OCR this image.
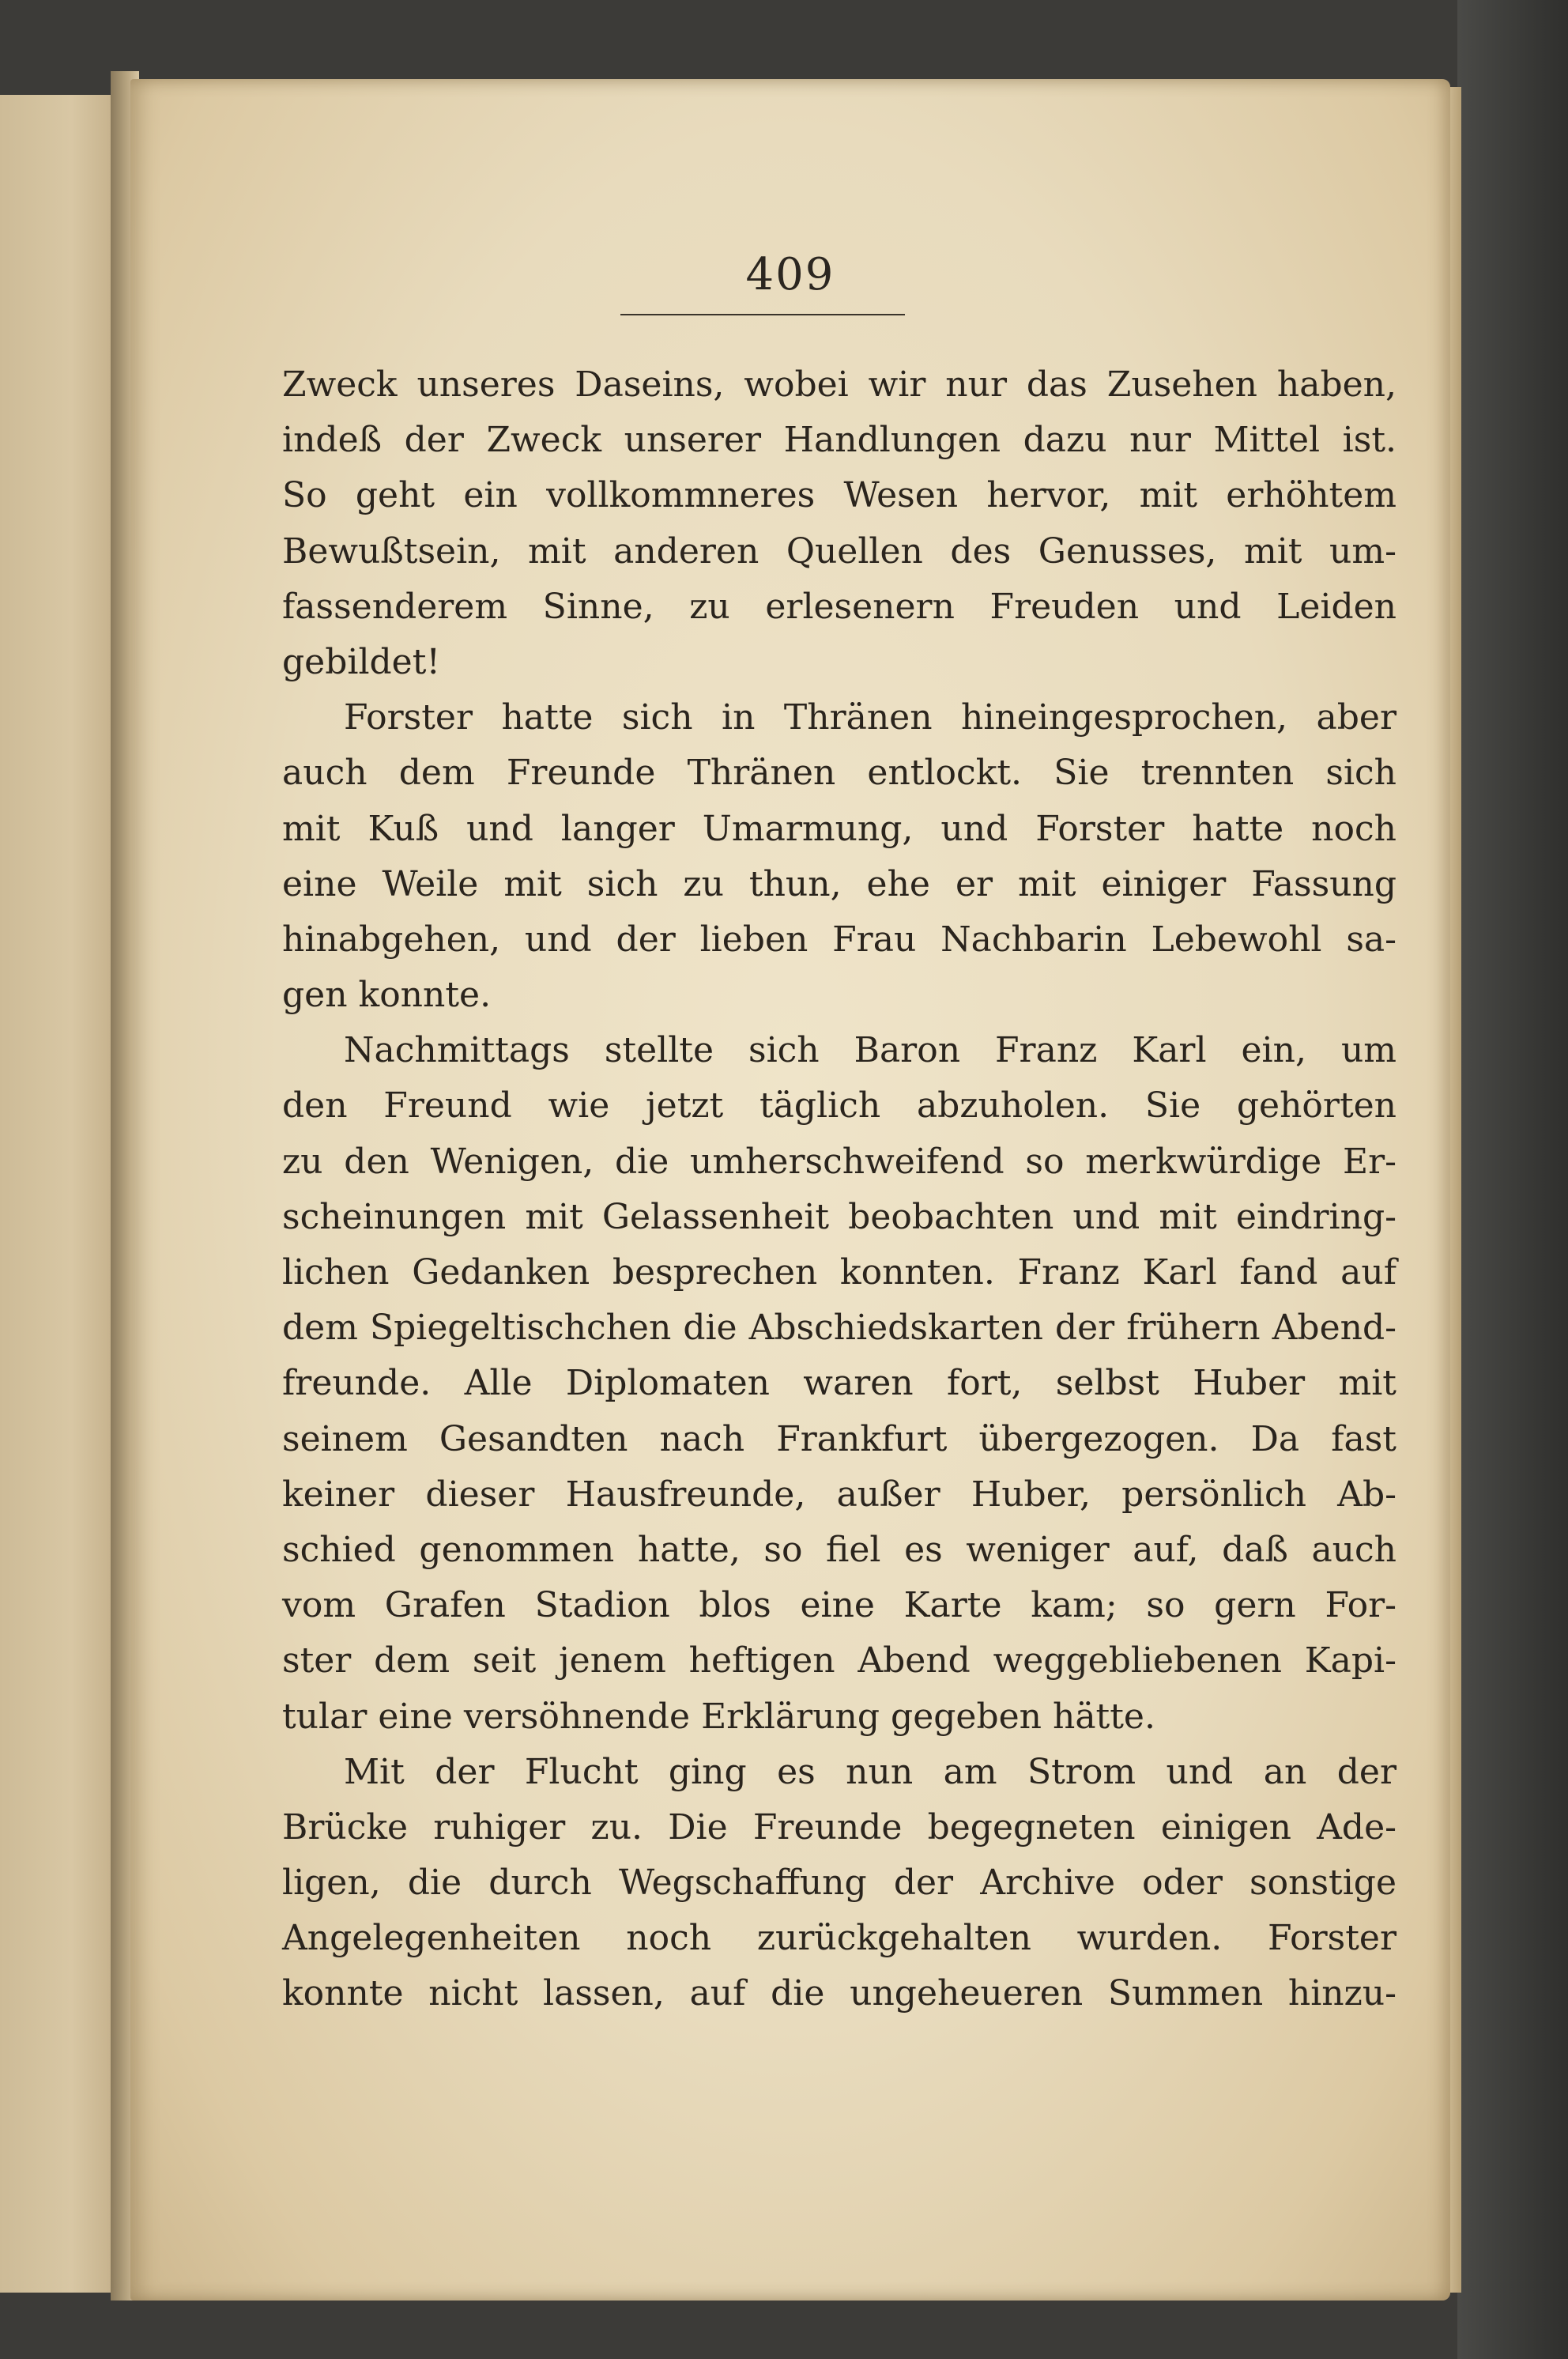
409
Zweck unseres Daseins, wobei wir nur das Zusehen haben,
indeß der Zweck unserer Handlungen dazu nur Mittel ist.
So geht ein vollkommneres Wesen hervor, mit erhöhtem
Bewußtsein, mit anderen Quellen des Genusses, mit um-
fassenderem Sinne, zu erlesenern Freuden und Leiden
gebildet!
Forster hatte sich in Thränen hineingesprochen, aber
auch dem Freunde Thränen entlockt. Sie trennten sich
mit Kuß und langer Umarmung, und Forster hatte noch
eine Weile mit sich zu thun, ehe er mit einiger Fassung
hinabgehen, und der lieben Frau Nachbarin Lebewohl sa-
gen konnte.
Nachmittags stellte sich Baron Franz Karl ein, um
den Freund wie jetzt täglich abzuholen. Sie gehörten
zu den Wenigen, die umherschweifend so merkwürdige Er-
scheinungen mit Gelassenheit beobachten und mit eindring-
lichen Gedanken besprechen konnten. Franz Karl fand auf
dem Spiegeltischchen die Abschiedskarten der frühern Abend-
freunde. Alle Diplomaten waren fort, selbst Huber mit
seinem Gesandten nach Frankfurt übergezogen. Da fast
keiner dieser Hausfreunde, außer Huber, persönlich Ab-
schied genommen hatte, so fiel es weniger auf, daß auch
vom Grafen Stadion blos eine Karte kam; so gern For-
ster dem seit jenem heftigen Abend weggebliebenen Kapi-
tular eine versöhnende Erklärung gegeben hätte.
Mit der Flucht ging es nun am Strom und an der
Brücke ruhiger zu. Die Freunde begegneten einigen Ade-
ligen, die durch Wegschaffung der Archive oder sonstige
Angelegenheiten noch zurückgehalten wurden. Forster
konnte nicht lassen, auf die ungeheueren Summen hinzu-
